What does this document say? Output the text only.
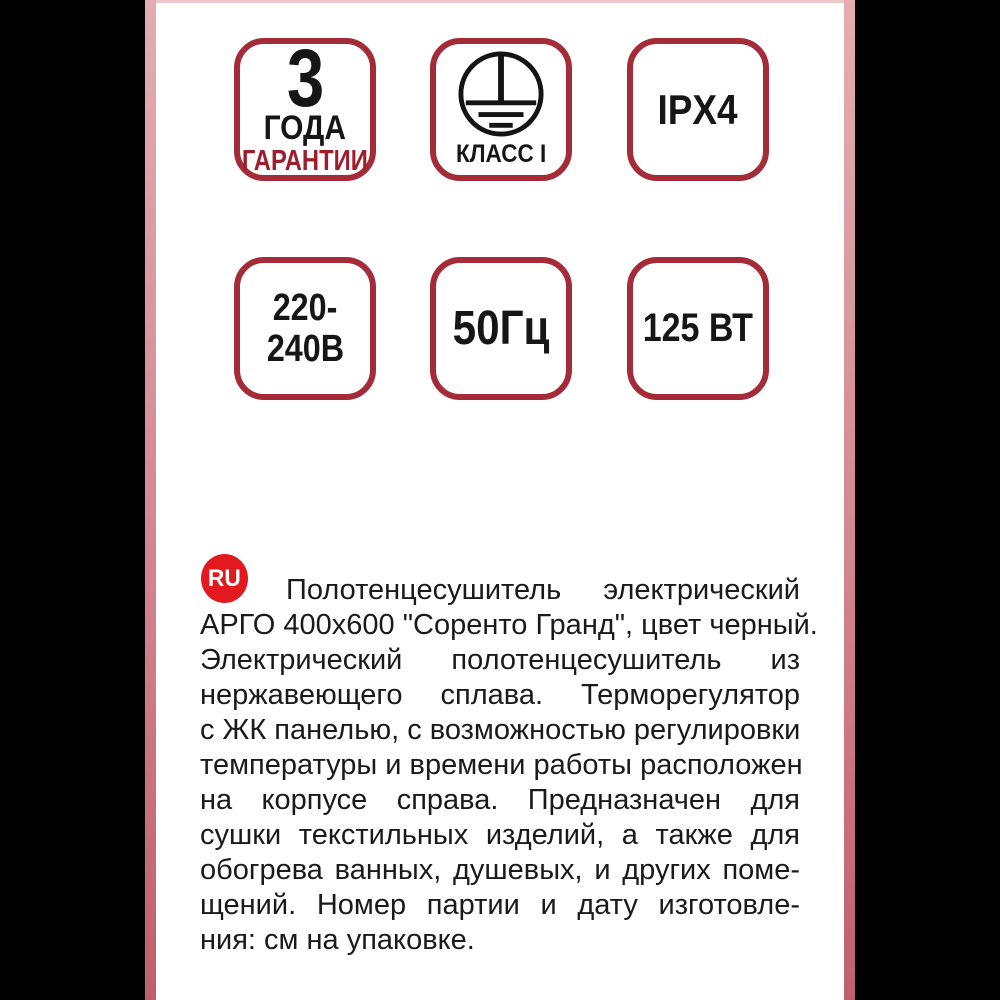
3
ГОДА
ГАРАНТИИ	КЛАСС I
IPX4
220-
240В 50Гц 125 ВТ
RU	Полотенцесушитель электрический
АРГО 400х600 "Соренто Гранд", цвет черный.
Электрический полотенцесушитель из
нержавеющего сплава. Терморегулятор
с ЖК панелью, с возможностью регулировки
температуры и времени работы расположен
на корпусе справа. Предназначен для
сушки текстильных изделий, а также для
обогрева ванных, душевых, и других поме-
щений. Номер партии и дату изготовле-
ния: см на упаковке.
